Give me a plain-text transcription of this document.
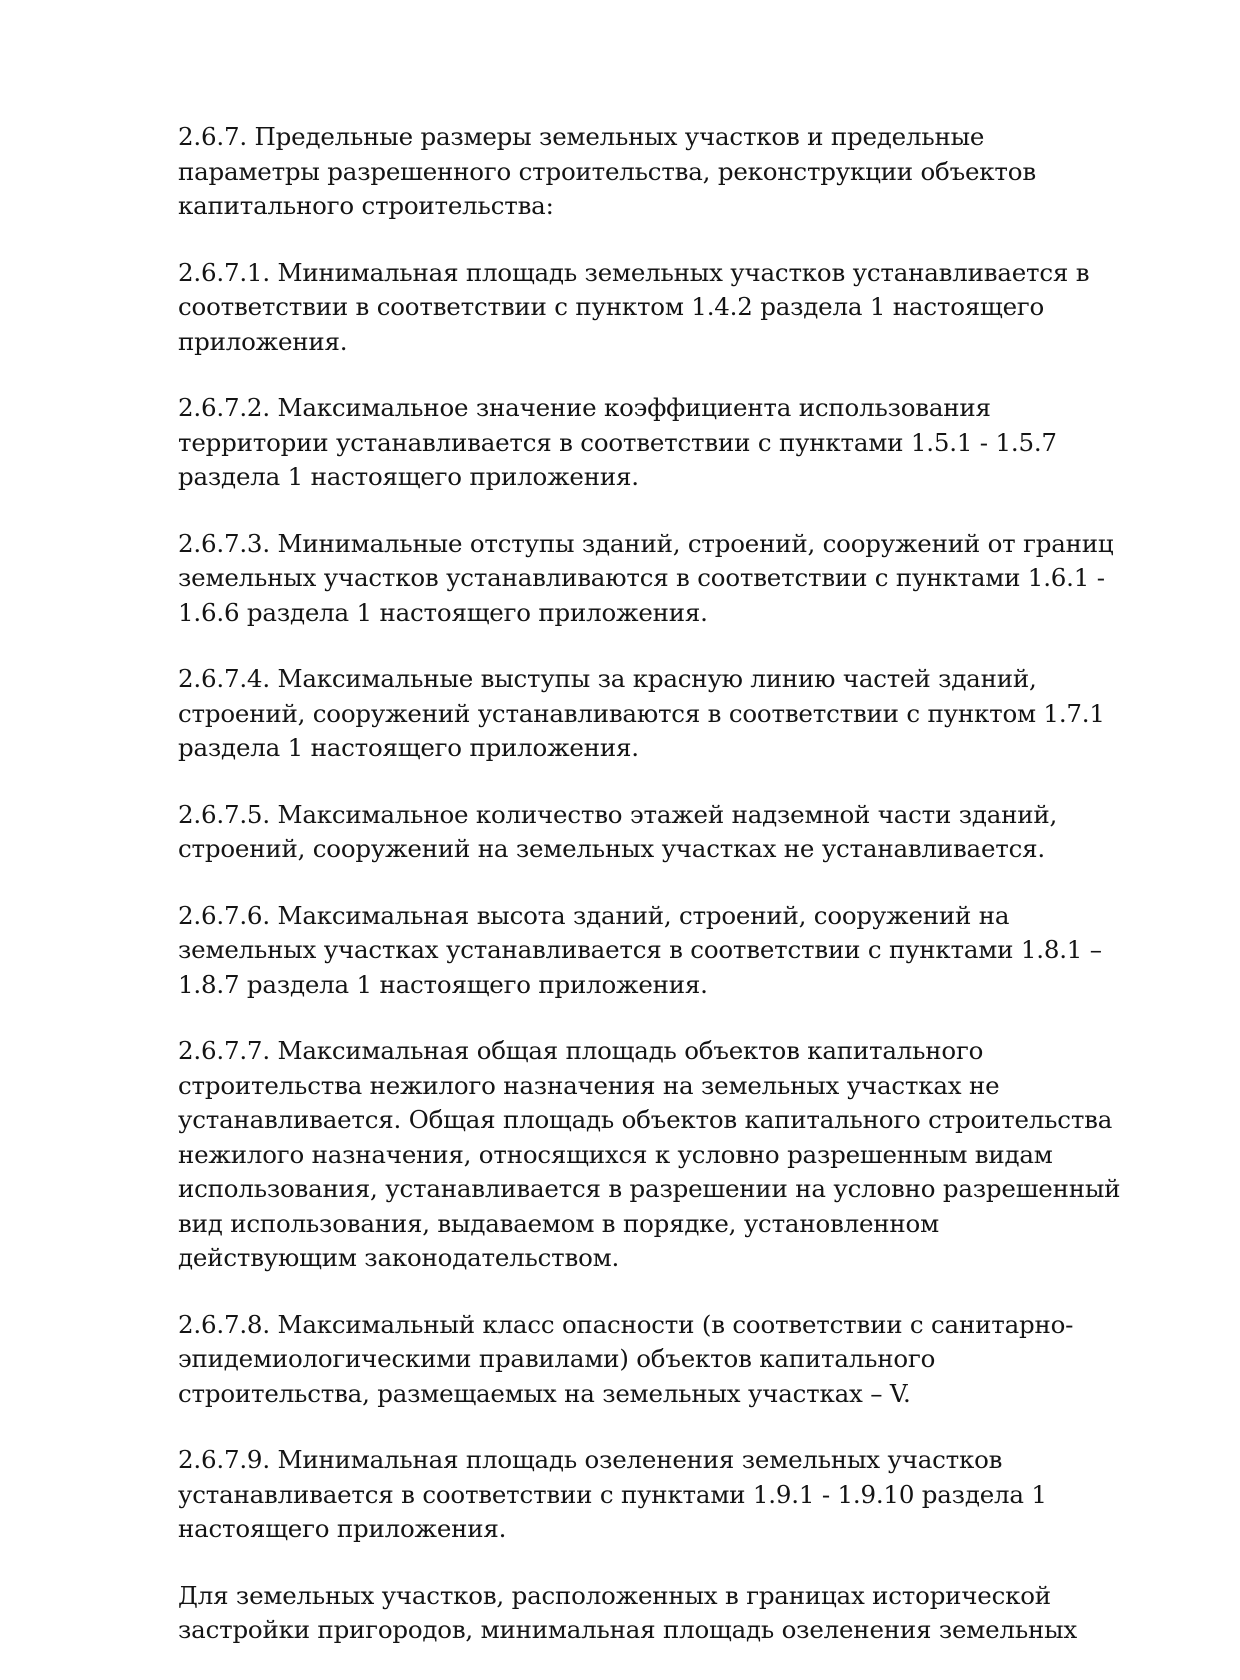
2.6.7. Предельные размеры земельных участков и предельные
параметры разрешенного строительства, реконструкции объектов
капитального строительства:

2.6.7.1. Минимальная площадь земельных участков устанавливается в
соответствии в соответствии с пунктом 1.4.2 раздела 1 настоящего
приложения.

2.6.7.2. Максимальное значение коэффициента использования
территории устанавливается в соответствии с пунктами 1.5.1 - 1.5.7
раздела 1 настоящего приложения.

2.6.7.3. Минимальные отступы зданий, строений, сооружений от границ
земельных участков устанавливаются в соответствии с пунктами 1.6.1 -
1.6.6 раздела 1 настоящего приложения.

2.6.7.4. Максимальные выступы за красную линию частей зданий,
строений, сооружений устанавливаются в соответствии с пунктом 1.7.1
раздела 1 настоящего приложения.

2.6.7.5. Максимальное количество этажей надземной части зданий,
строений, сооружений на земельных участках не устанавливается.

2.6.7.6. Максимальная высота зданий, строений, сооружений на
земельных участках устанавливается в соответствии с пунктами 1.8.1 –
1.8.7 раздела 1 настоящего приложения.

2.6.7.7. Максимальная общая площадь объектов капитального
строительства нежилого назначения на земельных участках не
устанавливается. Общая площадь объектов капитального строительства
нежилого назначения, относящихся к условно разрешенным видам
использования, устанавливается в разрешении на условно разрешенный
вид использования, выдаваемом в порядке, установленном
действующим законодательством.

2.6.7.8. Максимальный класс опасности (в соответствии с санитарно-
эпидемиологическими правилами) объектов капитального
строительства, размещаемых на земельных участках – V.

2.6.7.9. Минимальная площадь озеленения земельных участков
устанавливается в соответствии с пунктами 1.9.1 - 1.9.10 раздела 1
настоящего приложения.

Для земельных участков, расположенных в границах исторической
застройки пригородов, минимальная площадь озеленения земельных
